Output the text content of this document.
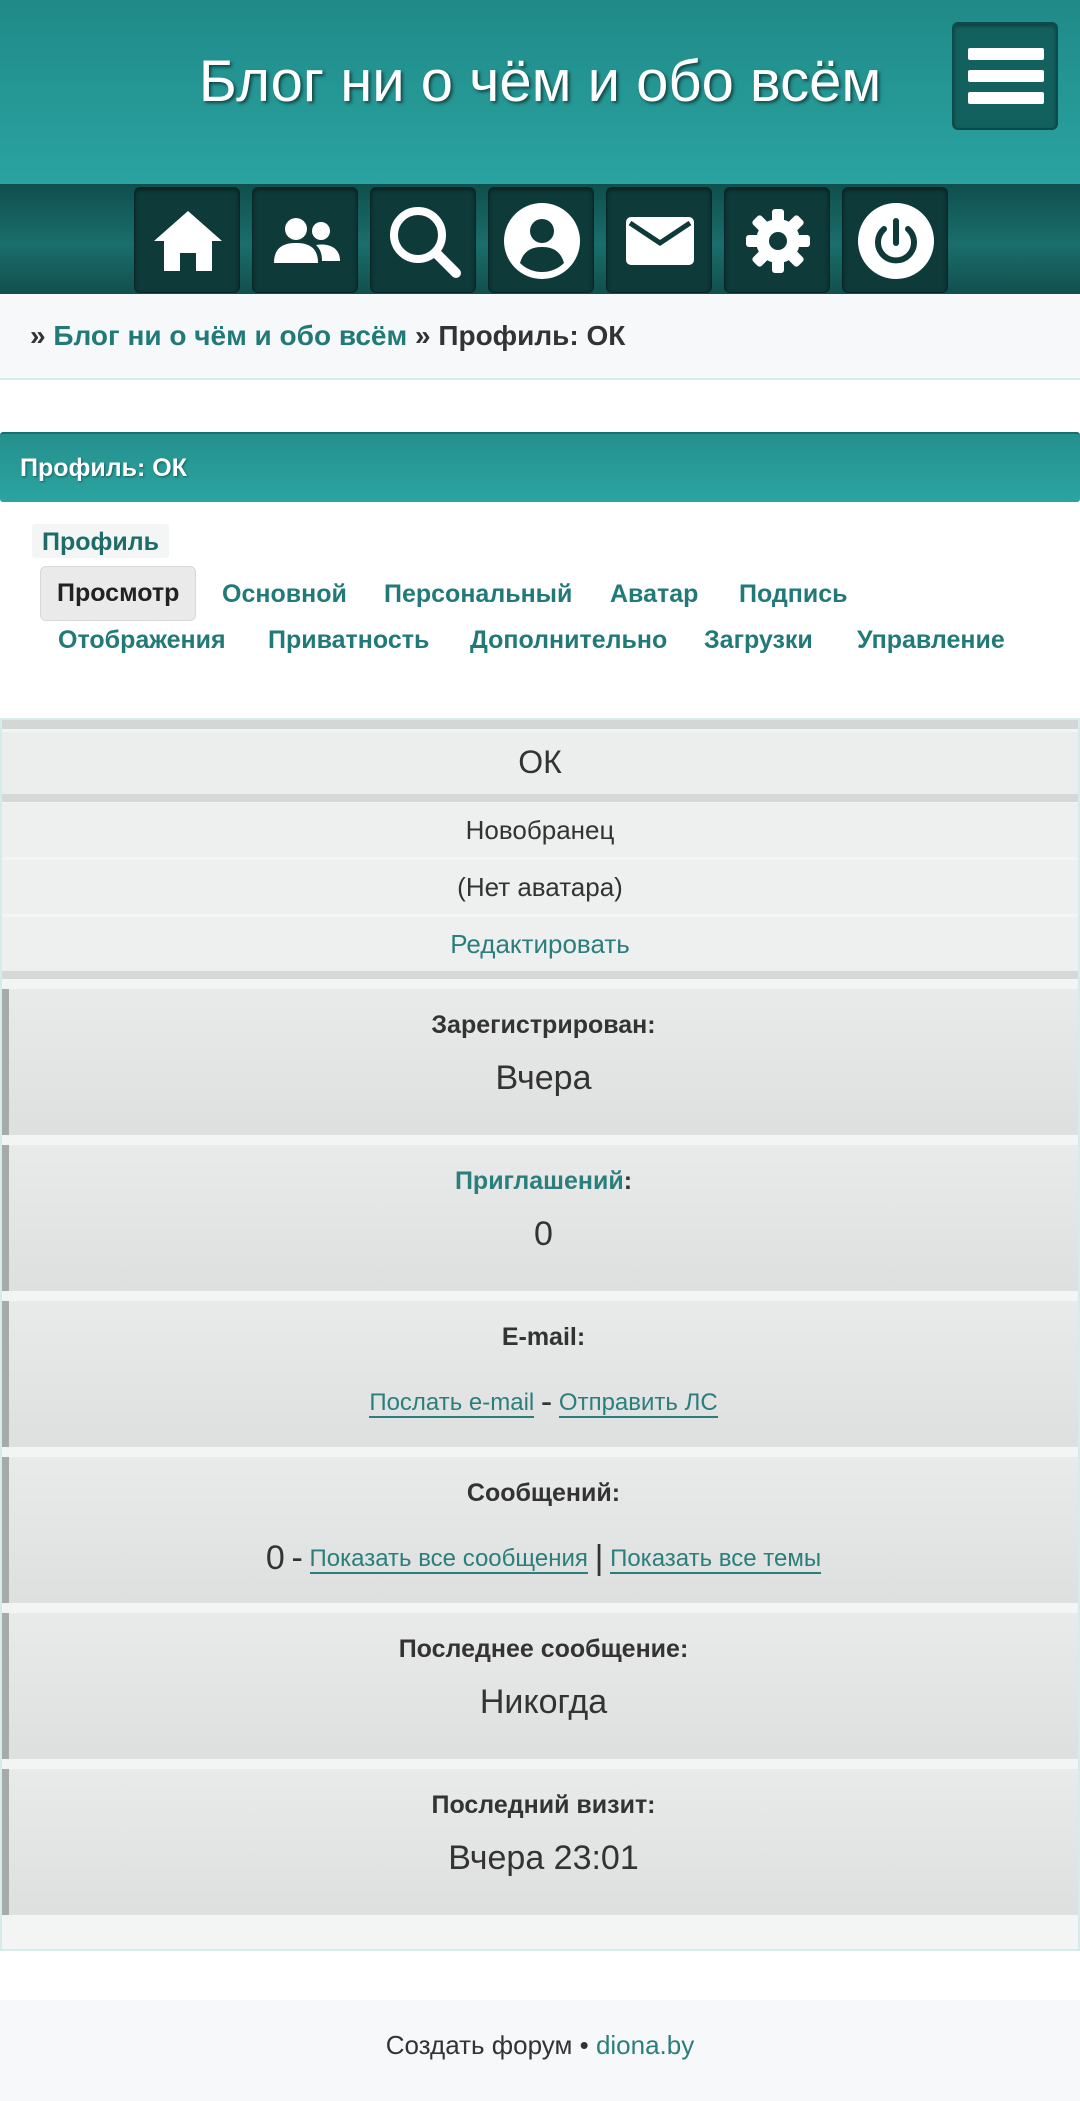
Блог ни о чём и обо всём
» Блог ни о чём и обо всём » Профиль: ОК
Профиль: ОК
Профиль
Просмотр	Основной Персональный Аватар Подпись
Отображения Приватность Дополнительно Загрузки Управление
ОК
Новобранец
(Нет аватара)
Редактировать
Зарегистрирован:
Вчера
Приглашений:
0
E-mail:
Послать e-mail - Отправить ЛС
Сообщений:
0 - Показать все сообщения | Показать все темы
Последнее сообщение:
Никогда
Последний визит:
Вчера 23:01
Создать форум • diona.by
